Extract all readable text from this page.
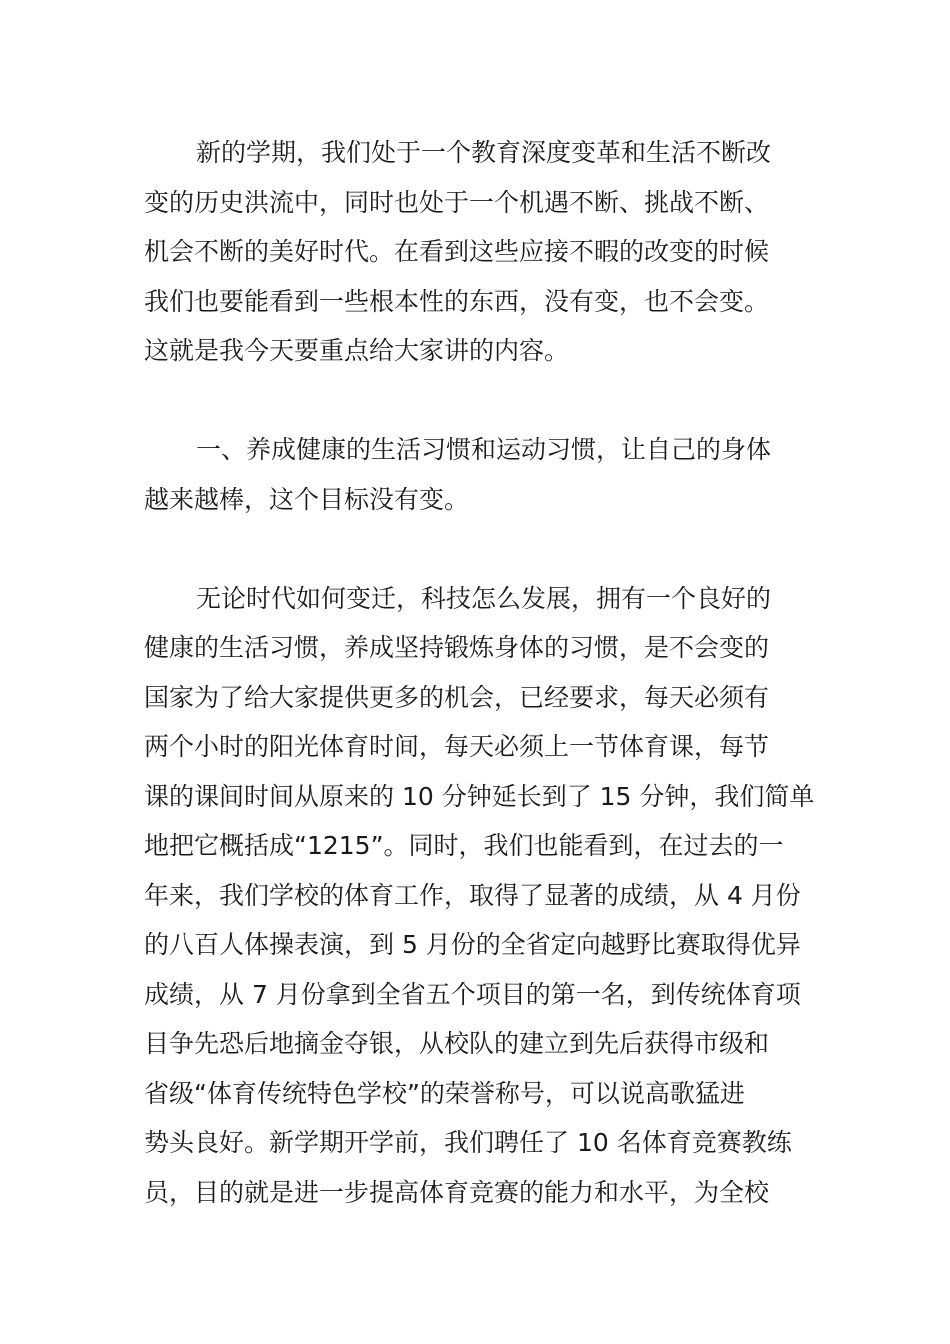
新的学期，我们处于一个教育深度变革和生活不断改
变的历史洪流中，同时也处于一个机遇不断、挑战不断、
机会不断的美好时代。在看到这些应接不暇的改变的时候
我们也要能看到一些根本性的东西，没有变，也不会变。
这就是我今天要重点给大家讲的内容。
一、养成健康的生活习惯和运动习惯，让自己的身体
越来越棒，这个目标没有变。
无论时代如何变迁，科技怎么发展，拥有一个良好的
健康的生活习惯，养成坚持锻炼身体的习惯，是不会变的
国家为了给大家提供更多的机会，已经要求，每天必须有
两个小时的阳光体育时间，每天必须上一节体育课，每节
课的课间时间从原来的 10 分钟延长到了 15 分钟，我们简单
地把它概括成“1215”。同时，我们也能看到，在过去的一
年来，我们学校的体育工作，取得了显著的成绩，从 4 月份
的八百人体操表演，到 5 月份的全省定向越野比赛取得优异
成绩，从 7 月份拿到全省五个项目的第一名，到传统体育项
目争先恐后地摘金夺银，从校队的建立到先后获得市级和
省级“体育传统特色学校”的荣誉称号，可以说高歌猛进
势头良好。新学期开学前，我们聘任了 10 名体育竞赛教练
员，目的就是进一步提高体育竞赛的能力和水平，为全校
